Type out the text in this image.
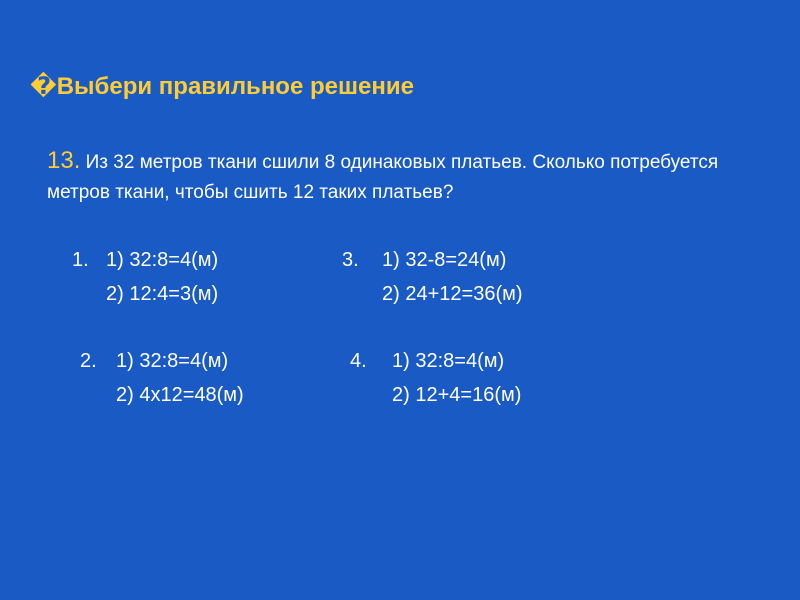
�Выбери правильное решение
13. Из 32 метров ткани сшили 8 одинаковых платьев. Сколько потребуется метров ткани, чтобы сшить 12 таких платьев?
1. 1) 32:8=4(м)
2) 12:4=3(м)
3. 1) 32-8=24(м)
2) 24+12=36(м)
2. 1) 32:8=4(м)
2) 4х12=48(м)
4. 1) 32:8=4(м)
2) 12+4=16(м)
